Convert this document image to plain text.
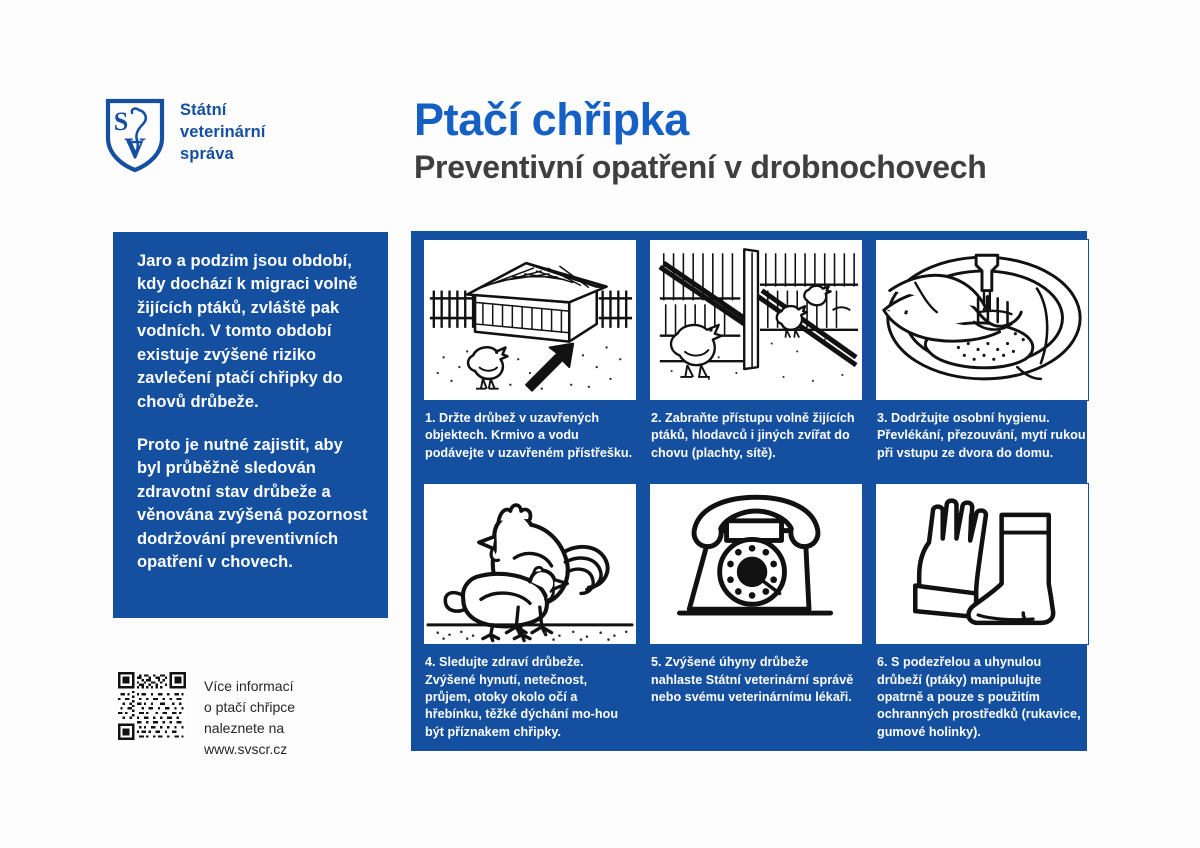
S
V
Státní
veterinární
správa
Ptačí chřipka
Preventivní opatření v drobnochovech

Jaro a podzim jsou období, kdy dochází k migraci volně žijících ptáků, zvláště pak vodních. V tomto období existuje zvýšené riziko zavlečení ptačí chřipky do chovů drůbeže.

Proto je nutné zajistit, aby byl průběžně sledován zdravotní stav drůbeže a věnována zvýšená pozornost dodržování preventivních opatření v chovech.

1. Držte drůbež v uzavřených objektech. Krmivo a vodu podávejte v uzavřeném přístřešku.
2. Zabraňte přístupu volně žijících ptáků, hlodavců i jiných zvířat do chovu (plachty, sítě).
3. Dodržujte osobní hygienu. Převlékání, přezouvání, mytí rukou při vstupu ze dvora do domu.
4. Sledujte zdraví drůbeže. Zvýšené hynutí, netečnost, průjem, otoky okolo očí a hřebínku, těžké dýchání mo-hou být příznakem chřipky.
5. Zvýšené úhyny drůbeže nahlaste Státní veterinární správě nebo svému veterinárnímu lékaři.
6. S podezřelou a uhynulou drůbeží (ptáky) manipulujte opatrně a pouze s použitím ochranných prostředků (rukavice, gumové holinky).
Více informací
o ptačí chřipce
naleznete na
www.svscr.cz
